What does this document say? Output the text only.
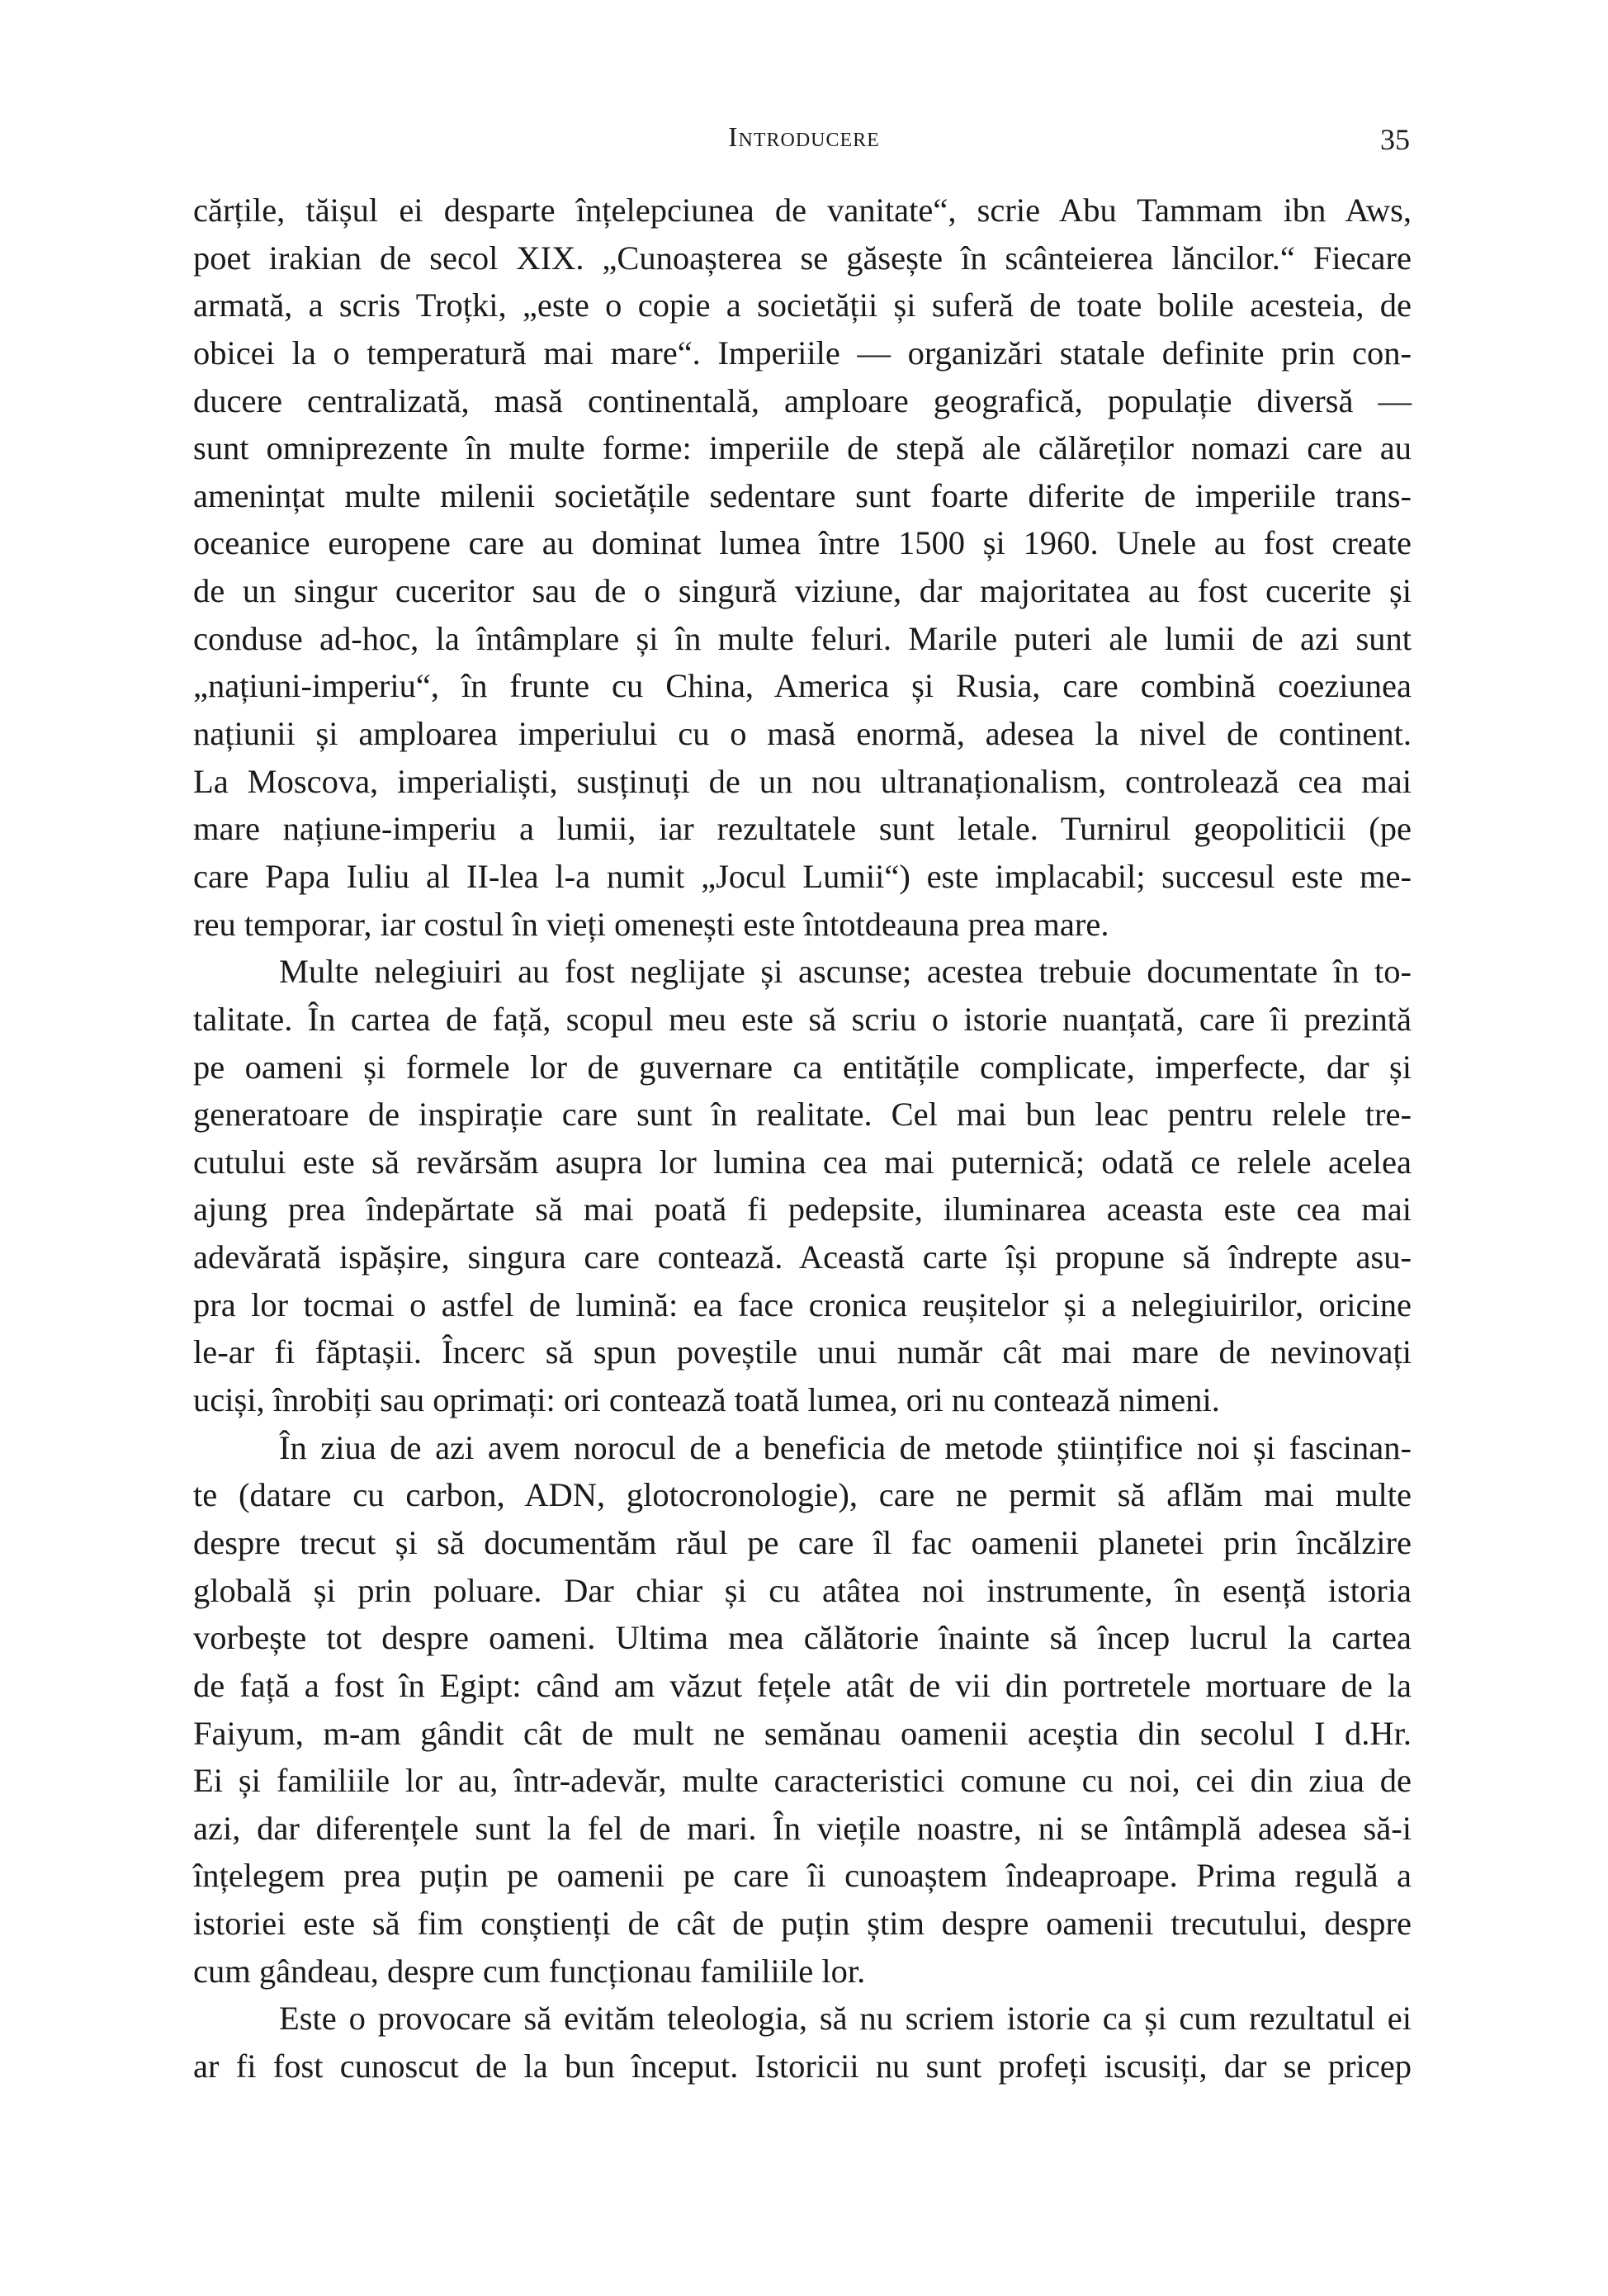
Introducere	35
cărțile, tăișul ei desparte înțelepciunea de vanitate“, scrie Abu Tammam ibn Aws,
poet irakian de secol XIX. „Cunoașterea se găsește în scânteierea lăncilor.“ Fiecare
armată, a scris Troțki, „este o copie a societății și suferă de toate bolile acesteia, de
obicei la o temperatură mai mare“. Imperiile — organizări statale definite prin con-
ducere centralizată, masă continentală, amploare geografică, populație diversă —
sunt omniprezente în multe forme: imperiile de stepă ale călăreților nomazi care au
amenințat multe milenii societățile sedentare sunt foarte diferite de imperiile trans-
oceanice europene care au dominat lumea între 1500 și 1960. Unele au fost create
de un singur cuceritor sau de o singură viziune, dar majoritatea au fost cucerite și
conduse ad-hoc, la întâmplare și în multe feluri. Marile puteri ale lumii de azi sunt
„națiuni-imperiu“, în frunte cu China, America și Rusia, care combină coeziunea
națiunii și amploarea imperiului cu o masă enormă, adesea la nivel de continent.
La Moscova, imperialiști, susținuți de un nou ultranaționalism, controlează cea mai
mare națiune-imperiu a lumii, iar rezultatele sunt letale. Turnirul geopoliticii (pe
care Papa Iuliu al II-lea l-a numit „Jocul Lumii“) este implacabil; succesul este me-
reu temporar, iar costul în vieți omenești este întotdeauna prea mare.
Multe nelegiuiri au fost neglijate și ascunse; acestea trebuie documentate în to-
talitate. În cartea de față, scopul meu este să scriu o istorie nuanțată, care îi prezintă
pe oameni și formele lor de guvernare ca entitățile complicate, imperfecte, dar și
generatoare de inspirație care sunt în realitate. Cel mai bun leac pentru relele tre-
cutului este să revărsăm asupra lor lumina cea mai puternică; odată ce relele acelea
ajung prea îndepărtate să mai poată fi pedepsite, iluminarea aceasta este cea mai
adevărată ispășire, singura care contează. Această carte își propune să îndrepte asu-
pra lor tocmai o astfel de lumină: ea face cronica reușitelor și a nelegiuirilor, oricine
le-ar fi făptașii. Încerc să spun poveștile unui număr cât mai mare de nevinovați
uciși, înrobiți sau oprimați: ori contează toată lumea, ori nu contează nimeni.
În ziua de azi avem norocul de a beneficia de metode științifice noi și fascinan-
te (datare cu carbon, ADN, glotocronologie), care ne permit să aflăm mai multe
despre trecut și să documentăm răul pe care îl fac oamenii planetei prin încălzire
globală și prin poluare. Dar chiar și cu atâtea noi instrumente, în esență istoria
vorbește tot despre oameni. Ultima mea călătorie înainte să încep lucrul la cartea
de față a fost în Egipt: când am văzut fețele atât de vii din portretele mortuare de la
Faiyum, m-am gândit cât de mult ne semănau oamenii aceștia din secolul I d.Hr.
Ei și familiile lor au, într-adevăr, multe caracteristici comune cu noi, cei din ziua de
azi, dar diferențele sunt la fel de mari. În viețile noastre, ni se întâmplă adesea să-i
înțelegem prea puțin pe oamenii pe care îi cunoaștem îndeaproape. Prima regulă a
istoriei este să fim conștienți de cât de puțin știm despre oamenii trecutului, despre
cum gândeau, despre cum funcționau familiile lor.
Este o provocare să evităm teleologia, să nu scriem istorie ca și cum rezultatul ei
ar fi fost cunoscut de la bun început. Istoricii nu sunt profeți iscusiți, dar se pricep
